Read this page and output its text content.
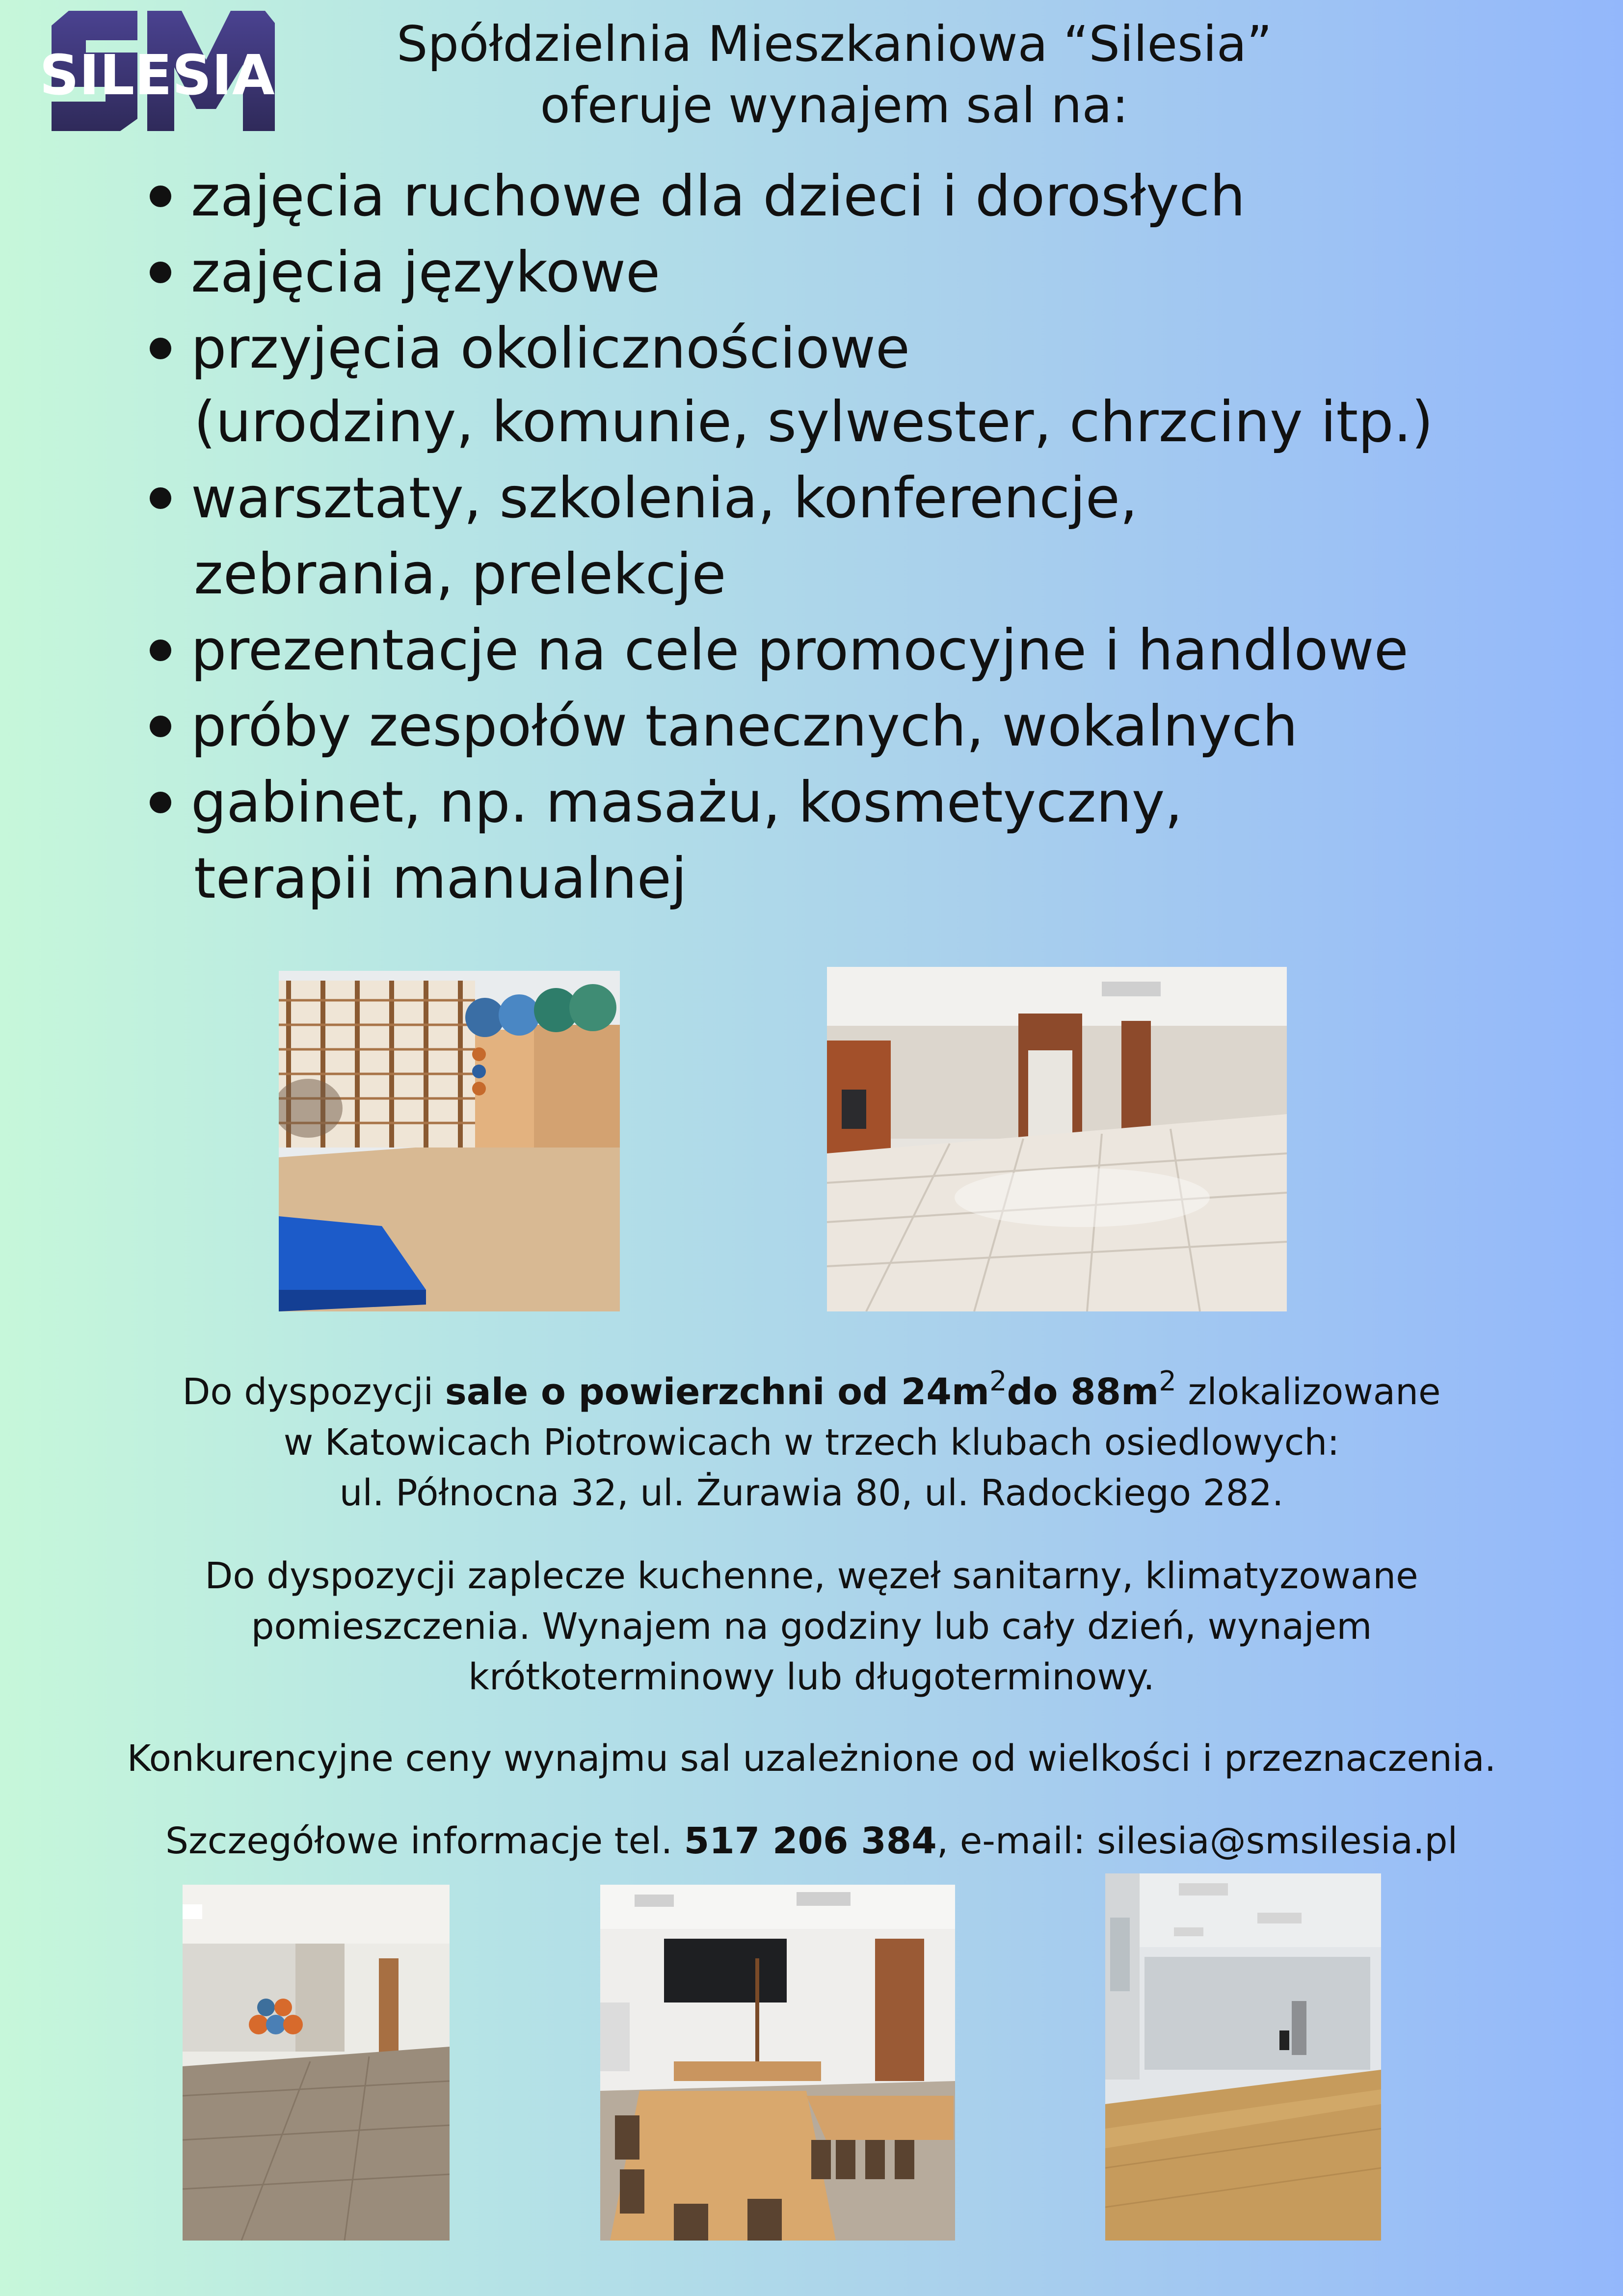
SILESIA	Spółdzielnia Mieszkaniowa “Silesia”
oferuje wynajem sal na:
zajęcia ruchowe dla dzieci i dorosłych
zajęcia językowe
przyjęcia okolicznościowe
(urodziny, komunie, sylwester, chrzciny itp.)
warsztaty, szkolenia, konferencje,
zebrania, prelekcje
prezentacje na cele promocyjne i handlowe
próby zespołów tanecznych, wokalnych
gabinet, np. masażu, kosmetyczny,
terapii manualnej
Do dyspozycji sale o powierzchni od $24m^2do$ $88m^2$ zlokalizowane
w Katowicach Piotrowicach w trzech klubach osiedlowych:
ul. Północna 32, ul. Żurawia 80, ul. Radockiego 282.
Do dyspozycji zaplecze kuchenne, węzeł sanitarny, klimatyzowane
pomieszczenia. Wynajem na godziny lub cały dzień, wynajem
krótkoterminowy lub długoterminowy.
Konkurencyjne ceny wynajmu sal uzależnione od wielkości i przeznaczenia.
Szczegółowe informacje tel. 517 206 384, e-mail: silesia@smsilesia.pl
